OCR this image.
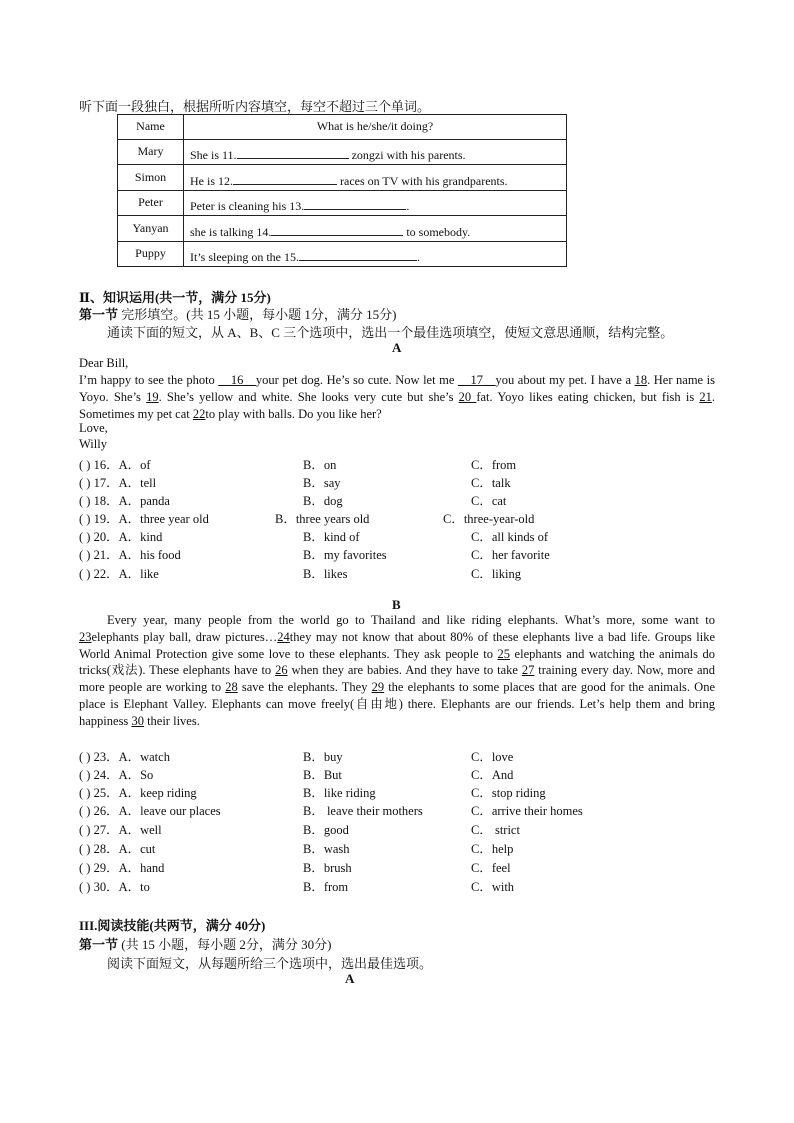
听下面一段独白，根据所听内容填空，每空不超过三个单词。
Name	What is he/she/it doing?
Mary	She is 11. zongzi with his parents.
Simon	He is 12. races on TV with his grandparents.
Peter	Peter is cleaning his 13. .
Yanyan	she is talking 14. to somebody.
Puppy	It’s sleeping on the 15. .
Ⅱ、知识运用(共一节，满分 15分)
第一节 完形填空。(共 15 小题，每小题 1分，满分 15分)
通读下面的短文，从 A、B、C 三个选项中，选出一个最佳选项填空，使短文意思通顺，结构完整。
A
Dear Bill,
I’m happy to see the photo __16__your pet dog. He’s so cute. Now let me __17__you about my pet. I have a 18. Her name is Yoyo. She’s 19. She’s yellow and white. She looks very cute but she’s 20 fat. Yoyo likes eating chicken, but fish is 21. Sometimes my pet cat 22to play with balls. Do you like her?
Love,
Willy
( ) 16．A．of	B．on	C．from
( ) 17．A．tell	B．say	C．talk
( ) 18．A．panda	B．dog	C．cat
( ) 19．A．three year old	B．three years old	C．three-year-old
( ) 20．A．kind	B．kind of	C．all kinds of
( ) 21．A．his food	B．my favorites	C．her favorite
( ) 22．A．like	B．likes	C．liking
B
Every year, many people from the world go to Thailand and like riding elephants. What’s more, some want to 23elephants play ball, draw pictures…24they may not know that about 80% of these elephants live a bad life. Groups like World Animal Protection give some love to these elephants. They ask people to 25 elephants and watching the animals do tricks(戏法). These elephants have to 26 when they are babies. And they have to take 27 training every day. Now, more and more people are working to 28 save the elephants. They 29 the elephants to some places that are good for the animals. One place is Elephant Valley. Elephants can move freely(自由地) there. Elephants are our friends. Let’s help them and bring happiness 30 their lives.
( ) 23．A．watch	B．buy	C．love
( ) 24．A．So	B．But	C．And
( ) 25．A．keep riding	B．like riding	C．stop riding
( ) 26．A．leave our places	B． leave their mothers	C．arrive their homes
( ) 27．A．well	B．good	C． strict
( ) 28．A．cut	B．wash	C．help
( ) 29．A．hand	B．brush	C．feel
( ) 30．A．to	B．from	C．with
III.阅读技能(共两节，满分 40分)
第一节 (共 15 小题，每小题 2分，满分 30分)
阅读下面短文，从每题所给三个选项中，选出最佳选项。
A
